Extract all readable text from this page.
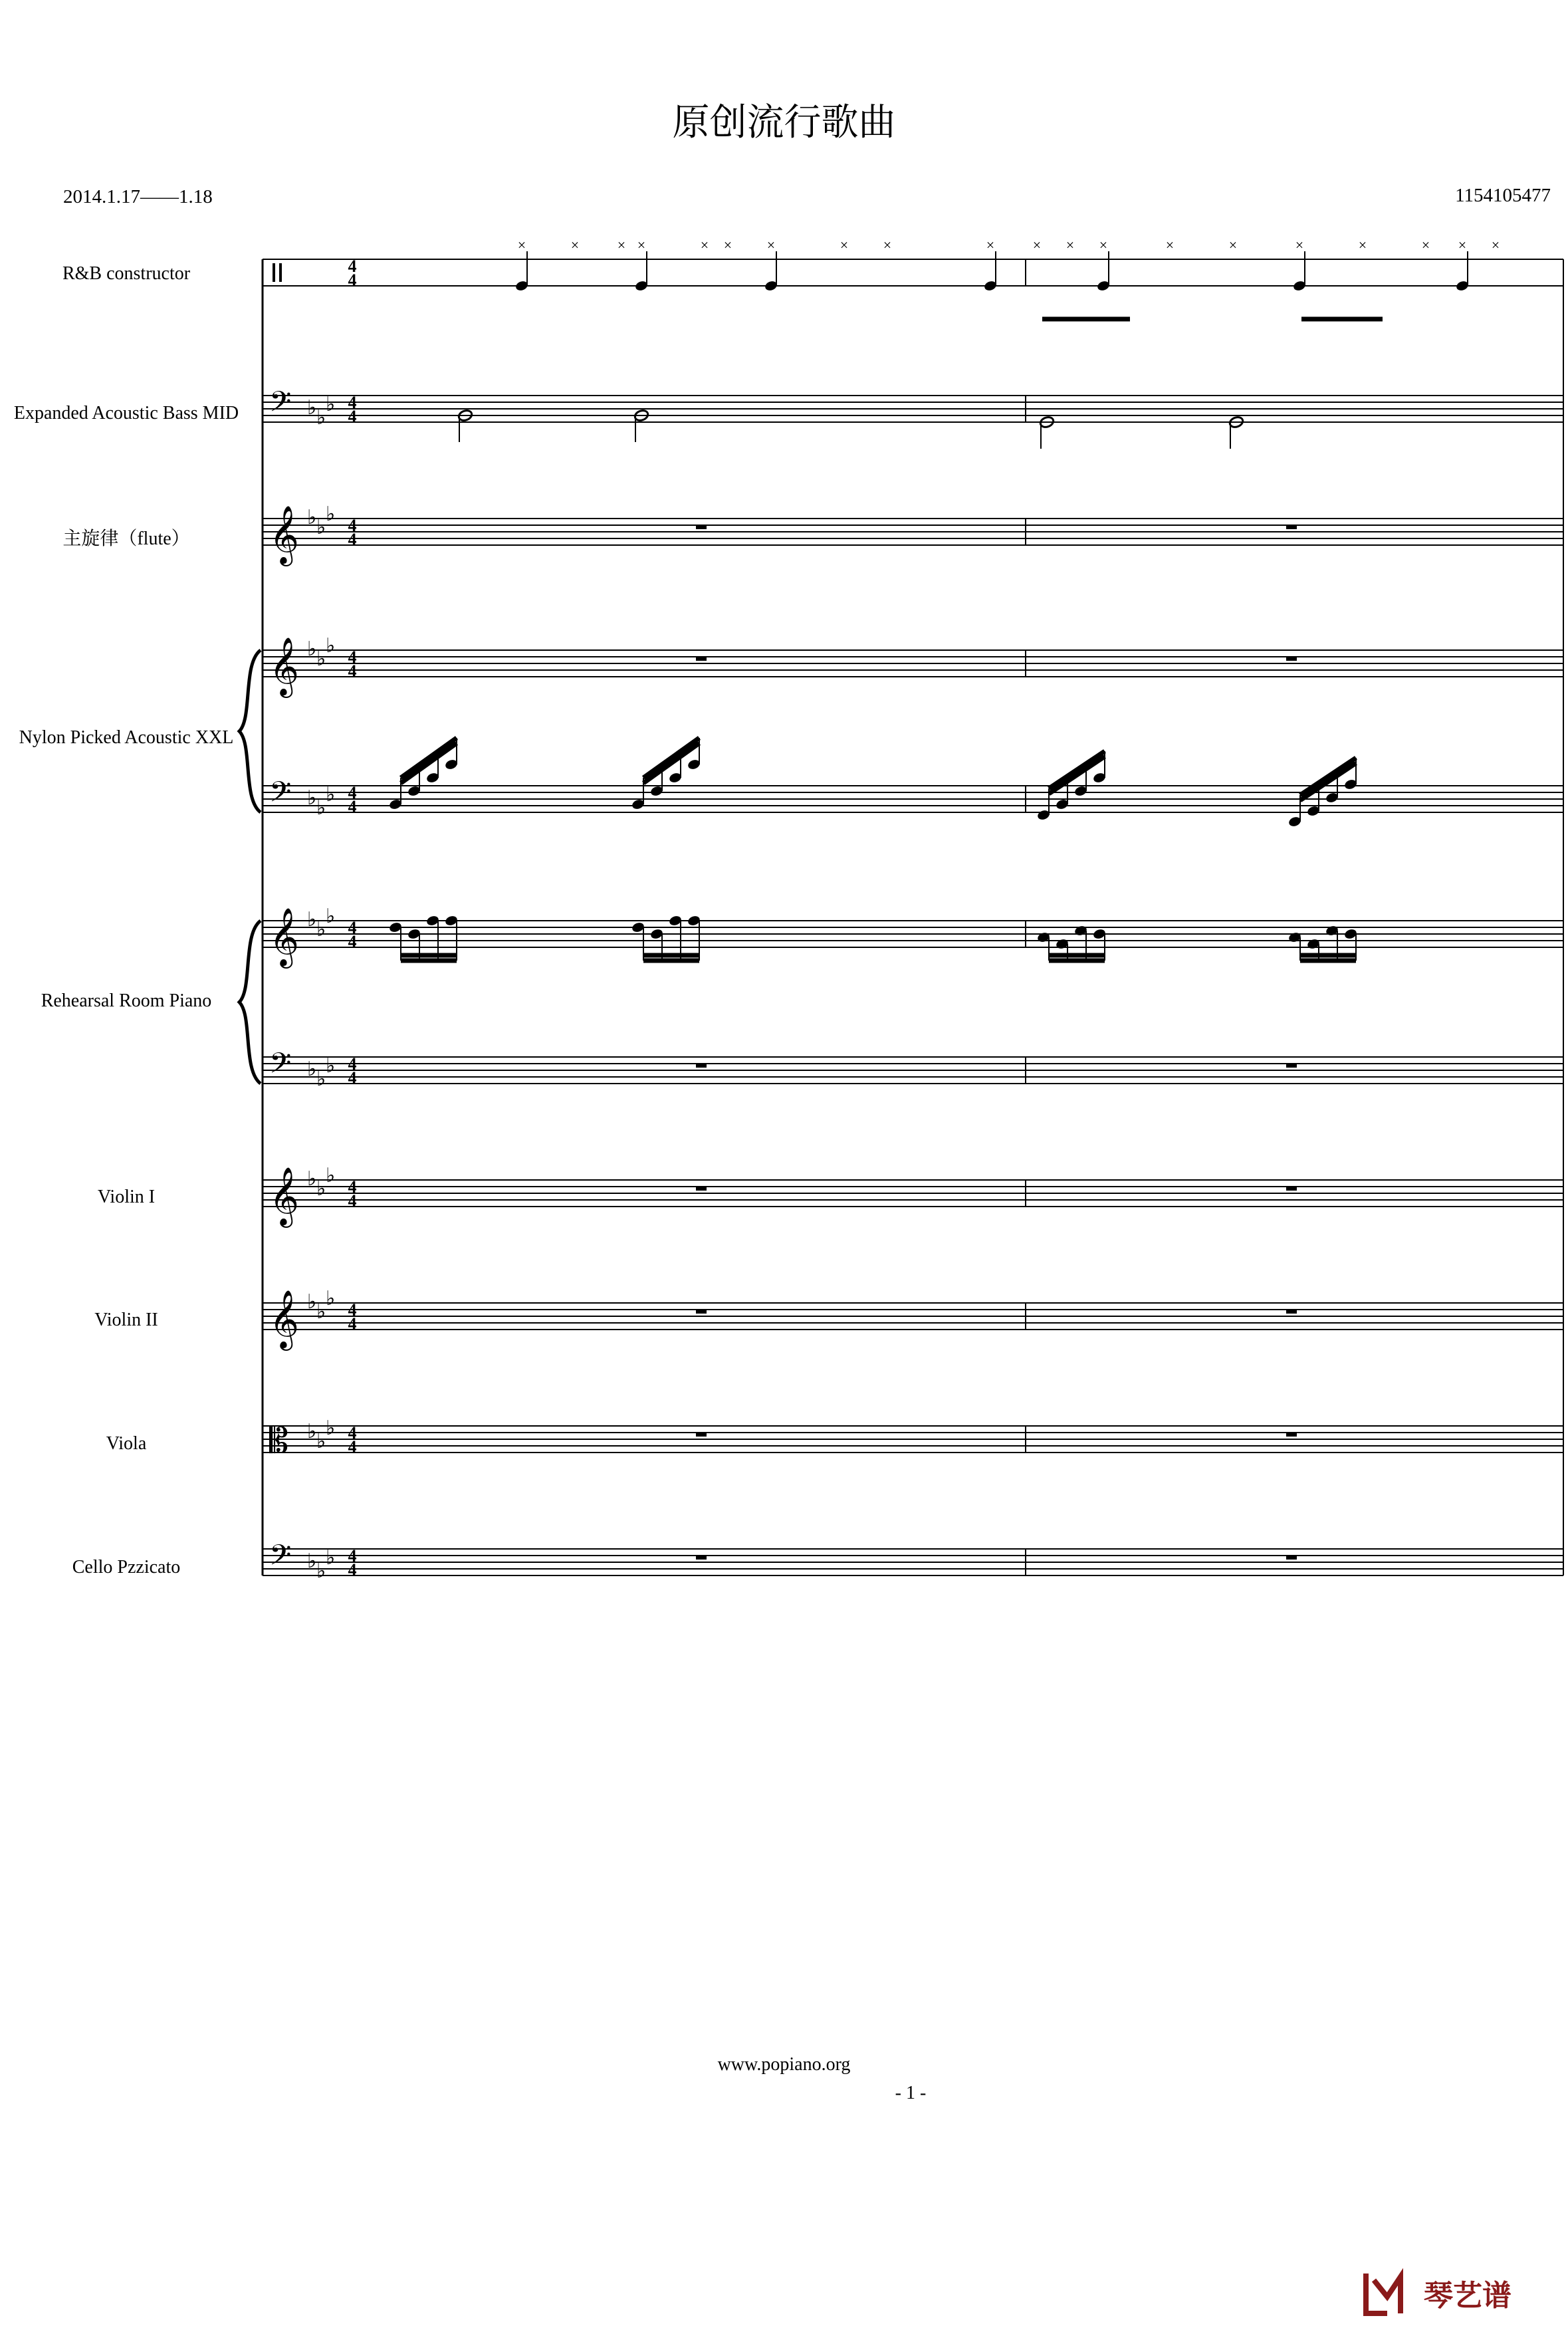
原创流行歌曲
2014.1.17——1.18	1154105477
R&B constructor
Expanded Acoustic Bass MID
主旋律（flute）
Nylon Picked Acoustic XXL
Rehearsal Room Piano
Violin I
Violin II
Viola
Cello Pzzicato
𝄢
𝄞
𝄞
𝄢
𝄞
𝄢
𝄞
𝄞
𝄡
𝄢
♭ ♭
♭
♭ ♭
♭
♭ ♭
♭
♭ ♭
♭
♭ ♭
♭
♭ ♭
♭
♭ ♭
♭
♭ ♭
♭
♭ ♭
♭
♭ ♭
♭
4
4
4
4
4
4
4
4
4
4
4
4
4
4
4
4
4
4
4
4
4
4
×	×	× ×	× × ×	× ×	×	× × ×	×	×	×	×	× × ×
www.popiano.org
- 1 -
琴艺谱
